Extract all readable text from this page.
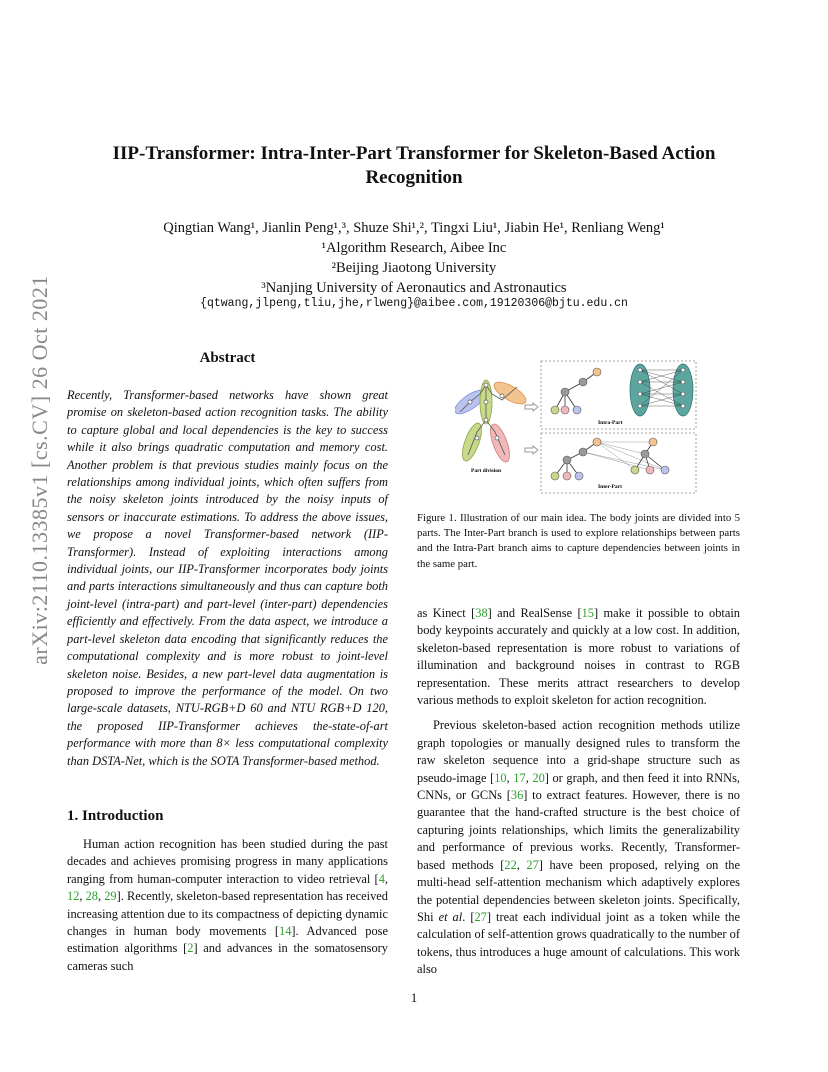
IIP-Transformer: Intra-Inter-Part Transformer for Skeleton-Based Action
Recognition
Qingtian Wang¹, Jianlin Peng¹,³, Shuze Shi¹,², Tingxi Liu¹, Jiabin He¹, Renliang Weng¹
¹Algorithm Research, Aibee Inc
²Beijing Jiaotong University
³Nanjing University of Aeronautics and Astronautics
{qtwang,jlpeng,tliu,jhe,rlweng}@aibee.com,19120306@bjtu.edu.cn
arXiv:2110.13385v1 [cs.CV] 26 Oct 2021	Abstract
Recently, Transformer-based networks have shown great promise on skeleton-based action recognition tasks. The ability to capture global and local dependencies is the key to success while it also brings quadratic computation and memory cost. Another problem is that previous studies mainly focus on the relationships among individual joints, which often suffers from the noisy skeleton joints introduced by the noisy inputs of sensors or inaccurate estimations. To address the above issues, we propose a novel Transformer-based network (IIP-Transformer). Instead of exploiting interactions among individual joints, our IIP-Transformer incorporates body joints and parts interactions simultaneously and thus can capture both joint-level (intra-part) and part-level (inter-part) dependencies efficiently and effectively. From the data aspect, we introduce a part-level skeleton data encoding that significantly reduces the computational complexity and is more robust to joint-level skeleton noise. Besides, a new part-level data augmentation is proposed to improve the performance of the model. On two large-scale datasets, NTU-RGB+D 60 and NTU RGB+D 120, the proposed IIP-Transformer achieves the-state-of-art performance with more than 8× less computational complexity than DSTA-Net, which is the SOTA Transformer-based method.
1. Introduction

Human action recognition has been studied during the past decades and achieves promising progress in many applications ranging from human-computer interaction to video retrieval [4, 12, 28, 29]. Recently, skeleton-based representation has received increasing attention due to its compactness of depicting dynamic changes in human body movements [14]. Advanced pose estimation algorithms [2] and advances in the somatosensory cameras such

Part division
Intra-Part
Inter-Part
Figure 1. Illustration of our main idea. The body joints are divided into 5 parts. The Inter-Part branch is used to explore relationships between parts and the Intra-Part branch aims to capture dependencies between joints in the same part.

as Kinect [38] and RealSense [15] make it possible to obtain body keypoints accurately and quickly at a low cost. In addition, skeleton-based representation is more robust to variations of illumination and background noises in contrast to RGB representation. These merits attract researchers to develop various methods to exploit skeleton for action recognition.

Previous skeleton-based action recognition methods utilize graph topologies or manually designed rules to transform the raw skeleton sequence into a grid-shape structure such as pseudo-image [10, 17, 20] or graph, and then feed it into RNNs, CNNs, or GCNs [36] to extract features. However, there is no guarantee that the hand-crafted structure is the best choice of capturing joints relationships, which limits the generalizability and performance of previous works. Recently, Transformer-based methods [22, 27] have been proposed, relying on the multi-head self-attention mechanism which adaptively explores the potential dependencies between skeleton joints. Specifically, Shi et al. [27] treat each individual joint as a token while the calculation of self-attention grows quadratically to the number of tokens, thus introduces a huge amount of calculations. This work also

1
